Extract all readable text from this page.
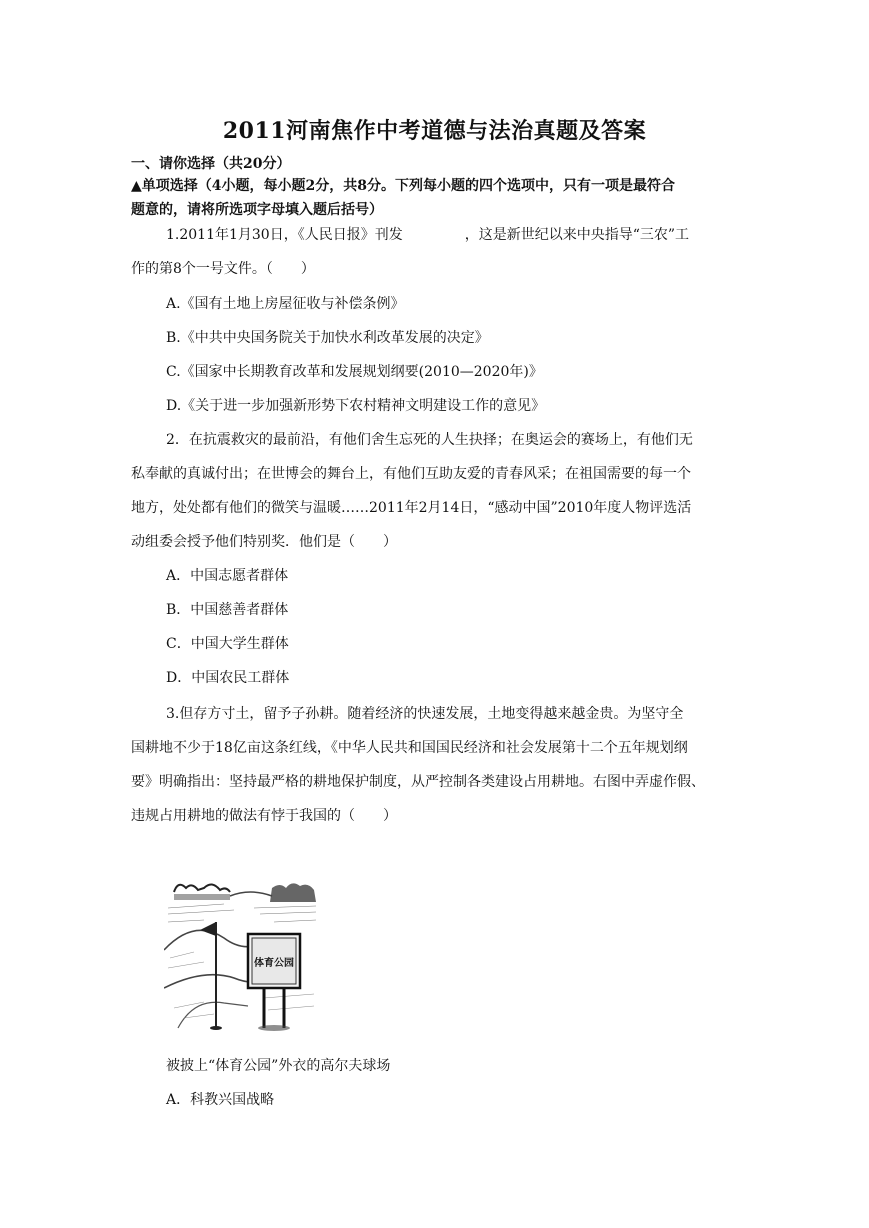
2011河南焦作中考道德与法治真题及答案
一、请你选择（共20分）
▲单项选择（4小题，每小题2分，共8分。下列每小题的四个选项中，只有一项是最符合
题意的，请将所选项字母填入题后括号）
1.2011年1月30日，《人民日报》刊发	，这是新世纪以来中央指导“三农”工
作的第8个一号文件。（　　）
A.《国有土地上房屋征收与补偿条例》
B.《中共中央国务院关于加快水利改革发展的决定》
C.《国家中长期教育改革和发展规划纲要(2010—2020年)》
D.《关于进一步加强新形势下农村精神文明建设工作的意见》
2．在抗震救灾的最前沿，有他们舍生忘死的人生抉择；在奥运会的赛场上，有他们无
私奉献的真诚付出；在世博会的舞台上，有他们互助友爱的青春风采；在祖国需要的每一个
地方，处处都有他们的微笑与温暖……2011年2月14日，“感动中国”2010年度人物评选活
动组委会授予他们特别奖．他们是（　　）
A．中国志愿者群体
B．中国慈善者群体
C．中国大学生群体
D．中国农民工群体
3.但存方寸土，留予子孙耕。随着经济的快速发展，土地变得越来越金贵。为坚守全
国耕地不少于18亿亩这条红线，《中华人民共和国国民经济和社会发展第十二个五年规划纲
要》明确指出：坚持最严格的耕地保护制度，从严控制各类建设占用耕地。右图中弄虚作假、
违规占用耕地的做法有悖于我国的（　　）
体育公园
被披上“体育公园”外衣的高尔夫球场
A．科教兴国战略
